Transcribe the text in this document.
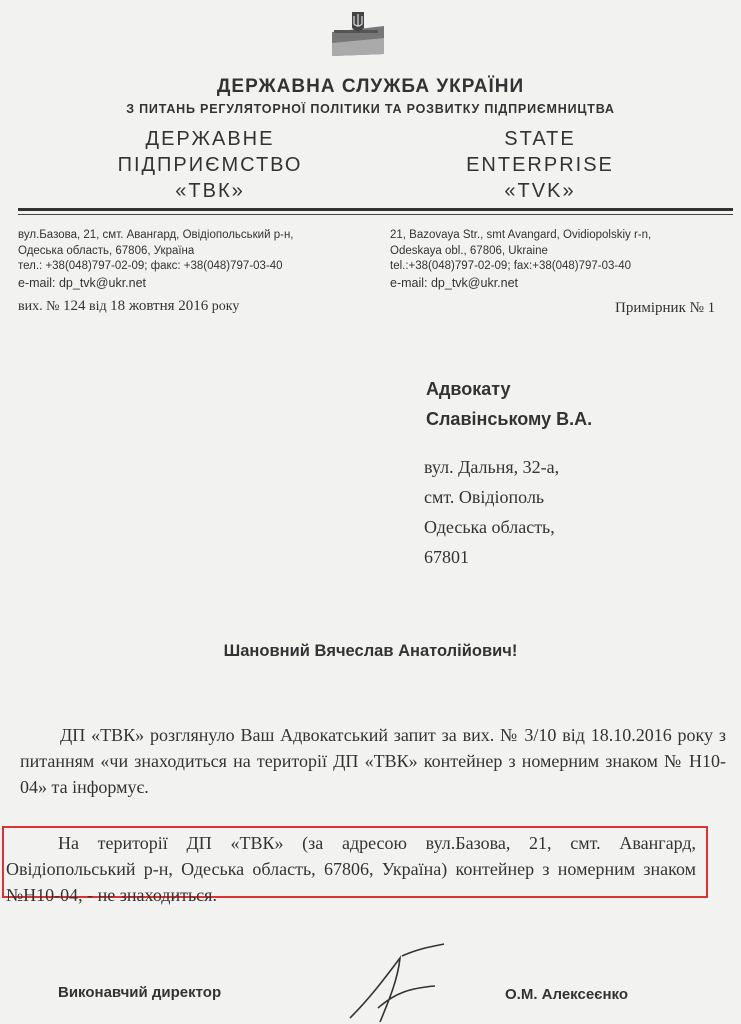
ДЕРЖАВНА СЛУЖБА УКРАЇНИ
З ПИТАНЬ РЕГУЛЯТОРНОЇ ПОЛІТИКИ ТА РОЗВИТКУ ПІДПРИЄМНИЦТВА
ДЕРЖАВНЕ
ПІДПРИЄМСТВО
«ТВК»
STATE
ENTERPRISE
«TVK»
вул.Базова, 21, смт. Авангард, Овідіопольський р-н,
Одеська область, 67806, Україна
тел.: +38(048)797-02-09; факс: +38(048)797-03-40
e-mail: dp_tvk@ukr.net
21, Bazovaya Str., smt Avangard, Ovidiopolskiy r-n,
Odeskaya obl., 67806, Ukraine
tel.:+38(048)797-02-09; fax:+38(048)797-03-40
e-mail: dp_tvk@ukr.net
вих. № 124 від 18 жовтня 2016 року	Примірник № 1
Адвокату
Славінському В.А.
вул. Дальня, 32-а,
смт. Овідіополь
Одеська область,
67801
Шановний Вячеслав Анатолійович!
ДП «ТВК» розглянуло Ваш Адвокатський запит за вих. № 3/10 від 18.10.2016 року з питанням «чи знаходиться на території ДП «ТВК» контейнер з номерним знаком № Н10-04» та інформує.
На території ДП «ТВК» (за адресою вул.Базова, 21, смт. Авангард, Овідіопольський р-н, Одеська область, 67806, Україна) контейнер з номерним знаком №Н10-04, - не знаходиться.
Виконавчий директор	О.М. Алексеєнко
